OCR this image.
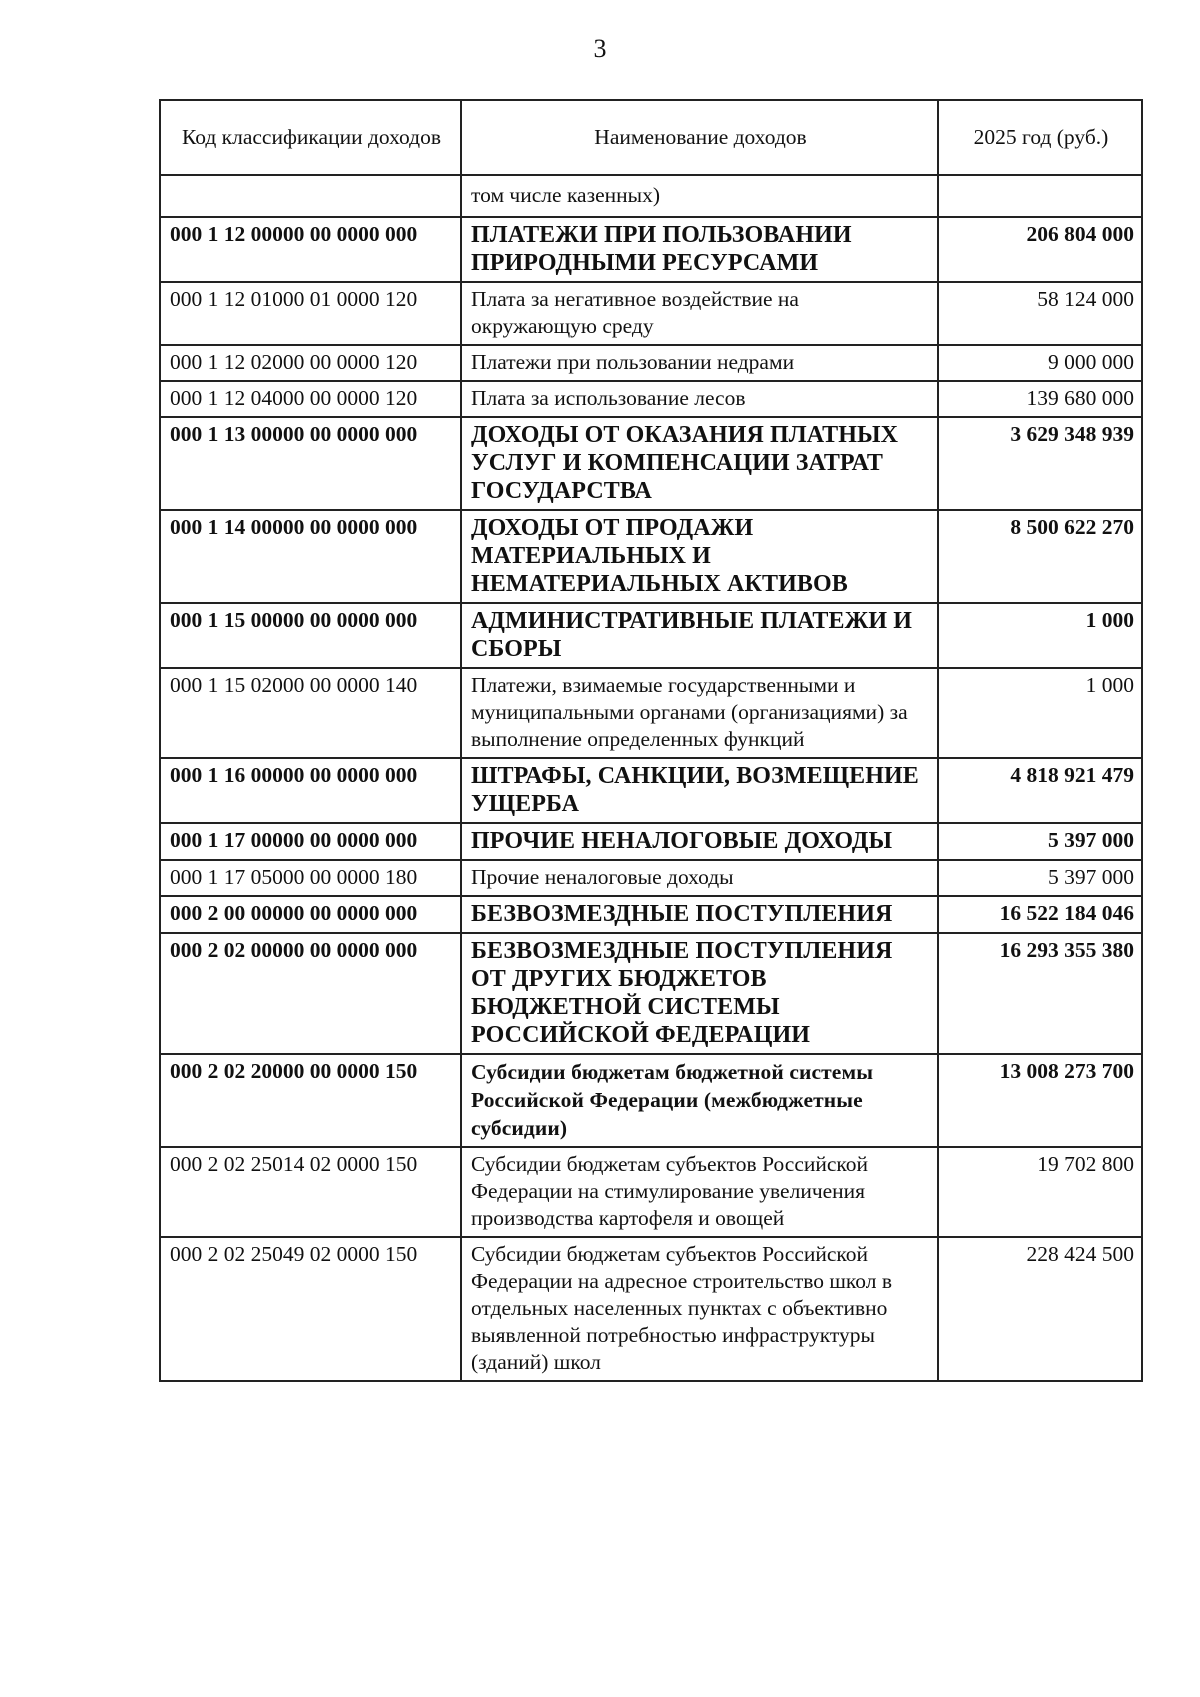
3
Код классификации доходов	Наименование доходов	2025 год (руб.)
	том числе казенных)	
000 1 12 00000 00 0000 000	ПЛАТЕЖИ ПРИ ПОЛЬЗОВАНИИ ПРИРОДНЫМИ РЕСУРСАМИ	206 804 000
000 1 12 01000 01 0000 120	Плата за негативное воздействие на окружающую среду	58 124 000
000 1 12 02000 00 0000 120	Платежи при пользовании недрами	9 000 000
000 1 12 04000 00 0000 120	Плата за использование лесов	139 680 000
000 1 13 00000 00 0000 000	ДОХОДЫ ОТ ОКАЗАНИЯ ПЛАТНЫХ УСЛУГ И КОМПЕНСАЦИИ ЗАТРАТ ГОСУДАРСТВА	3 629 348 939
000 1 14 00000 00 0000 000	ДОХОДЫ ОТ ПРОДАЖИ МАТЕРИАЛЬНЫХ И НЕМАТЕРИАЛЬНЫХ АКТИВОВ	8 500 622 270
000 1 15 00000 00 0000 000	АДМИНИСТРАТИВНЫЕ ПЛАТЕЖИ И СБОРЫ	1 000
000 1 15 02000 00 0000 140	Платежи, взимаемые государственными и муниципальными органами (организациями) за выполнение определенных функций	1 000
000 1 16 00000 00 0000 000	ШТРАФЫ, САНКЦИИ, ВОЗМЕЩЕНИЕ УЩЕРБА	4 818 921 479
000 1 17 00000 00 0000 000	ПРОЧИЕ НЕНАЛОГОВЫЕ ДОХОДЫ	5 397 000
000 1 17 05000 00 0000 180	Прочие неналоговые доходы	5 397 000
000 2 00 00000 00 0000 000	БЕЗВОЗМЕЗДНЫЕ ПОСТУПЛЕНИЯ	16 522 184 046
000 2 02 00000 00 0000 000	БЕЗВОЗМЕЗДНЫЕ ПОСТУПЛЕНИЯ ОТ ДРУГИХ БЮДЖЕТОВ БЮДЖЕТНОЙ СИСТЕМЫ РОССИЙСКОЙ ФЕДЕРАЦИИ	16 293 355 380
000 2 02 20000 00 0000 150	Субсидии бюджетам бюджетной системы Российской Федерации (межбюджетные субсидии)	13 008 273 700
000 2 02 25014 02 0000 150	Субсидии бюджетам субъектов Российской Федерации на стимулирование увеличения производства картофеля и овощей	19 702 800
000 2 02 25049 02 0000 150	Субсидии бюджетам субъектов Российской Федерации на адресное строительство школ в отдельных населенных пунктах с объективно выявленной потребностью инфраструктуры (зданий) школ	228 424 500
